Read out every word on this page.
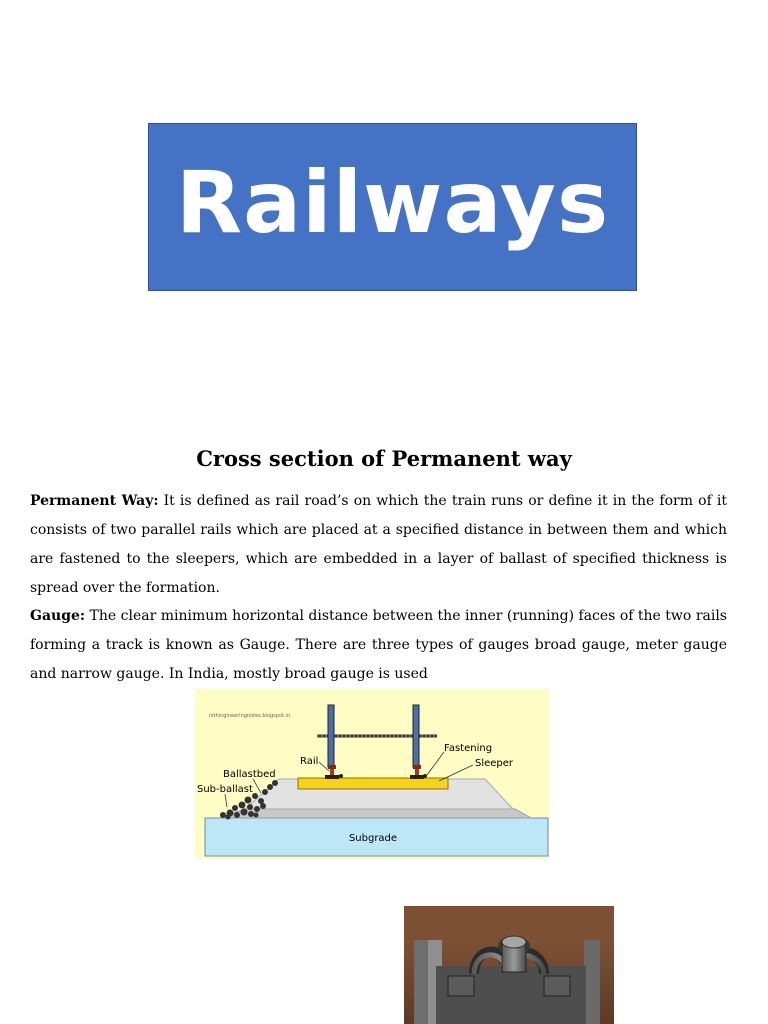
Railways
Cross section of Permanent way
Permanent Way: It is defined as rail road’s on which the train runs or define it in the form of it consists of two parallel rails which are placed at a specified distance in between them and which are fastened to the sleepers, which are embedded in a layer of ballast of specified thickness is spread over the formation.
Gauge: The clear minimum horizontal distance between the inner (running) faces of the two rails forming a track is known as Gauge. There are three types of gauges broad gauge, meter gauge and narrow gauge. In India, mostly broad gauge is used
nithingineeringnotes.blogspot.in
Subgrade
Rail
Fastening
Sleeper
Ballastbed
Sub-ballast
